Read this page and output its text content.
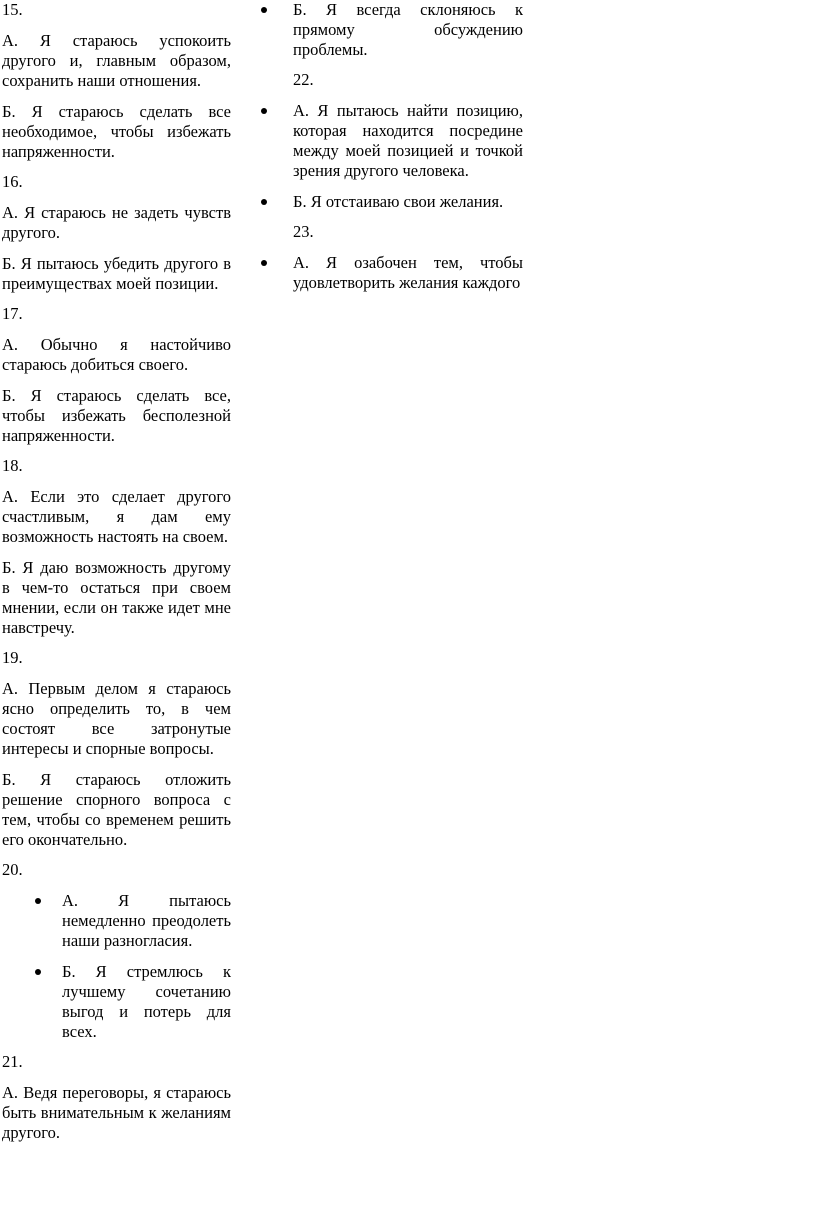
15.

А. Я стараюсь успокоить другого и, главным образом, сохранить наши отношения.

Б. Я стараюсь сделать все необходимое, чтобы избежать напряженности.

16.

А. Я стараюсь не задеть чувств другого.

Б. Я пытаюсь убедить другого в преимуществах моей позиции.

17.

А. Обычно я настойчиво стараюсь добиться своего.

Б. Я стараюсь сделать все, чтобы избежать бесполезной напряженности.

18.

А. Если это сделает другого счастливым, я дам ему возможность настоять на своем.

Б. Я даю возможность другому в чем-то остаться при своем мнении, если он также идет мне навстречу.

19.

А. Первым делом я стараюсь ясно определить то, в чем состоят все затронутые интересы и спорные вопросы.

Б. Я стараюсь отложить решение спорного вопроса с тем, чтобы со временем решить его окончательно.

20.

А. Я пытаюсь немедленно преодолеть наши разногласия.
Б. Я стремлюсь к лучшему сочетанию выгод и потерь для всех.

21.

А. Ведя переговоры, я стараюсь быть внимательным к желаниям другого.

Б. Я всегда склоняюсь к прямому обсуждению проблемы.

22.

А. Я пытаюсь найти позицию, которая находится посредине между моей позицией и точкой зрения другого человека.
Б. Я отстаиваю свои желания.

23.

А. Я озабочен тем, чтобы удовлетворить желания каждого
